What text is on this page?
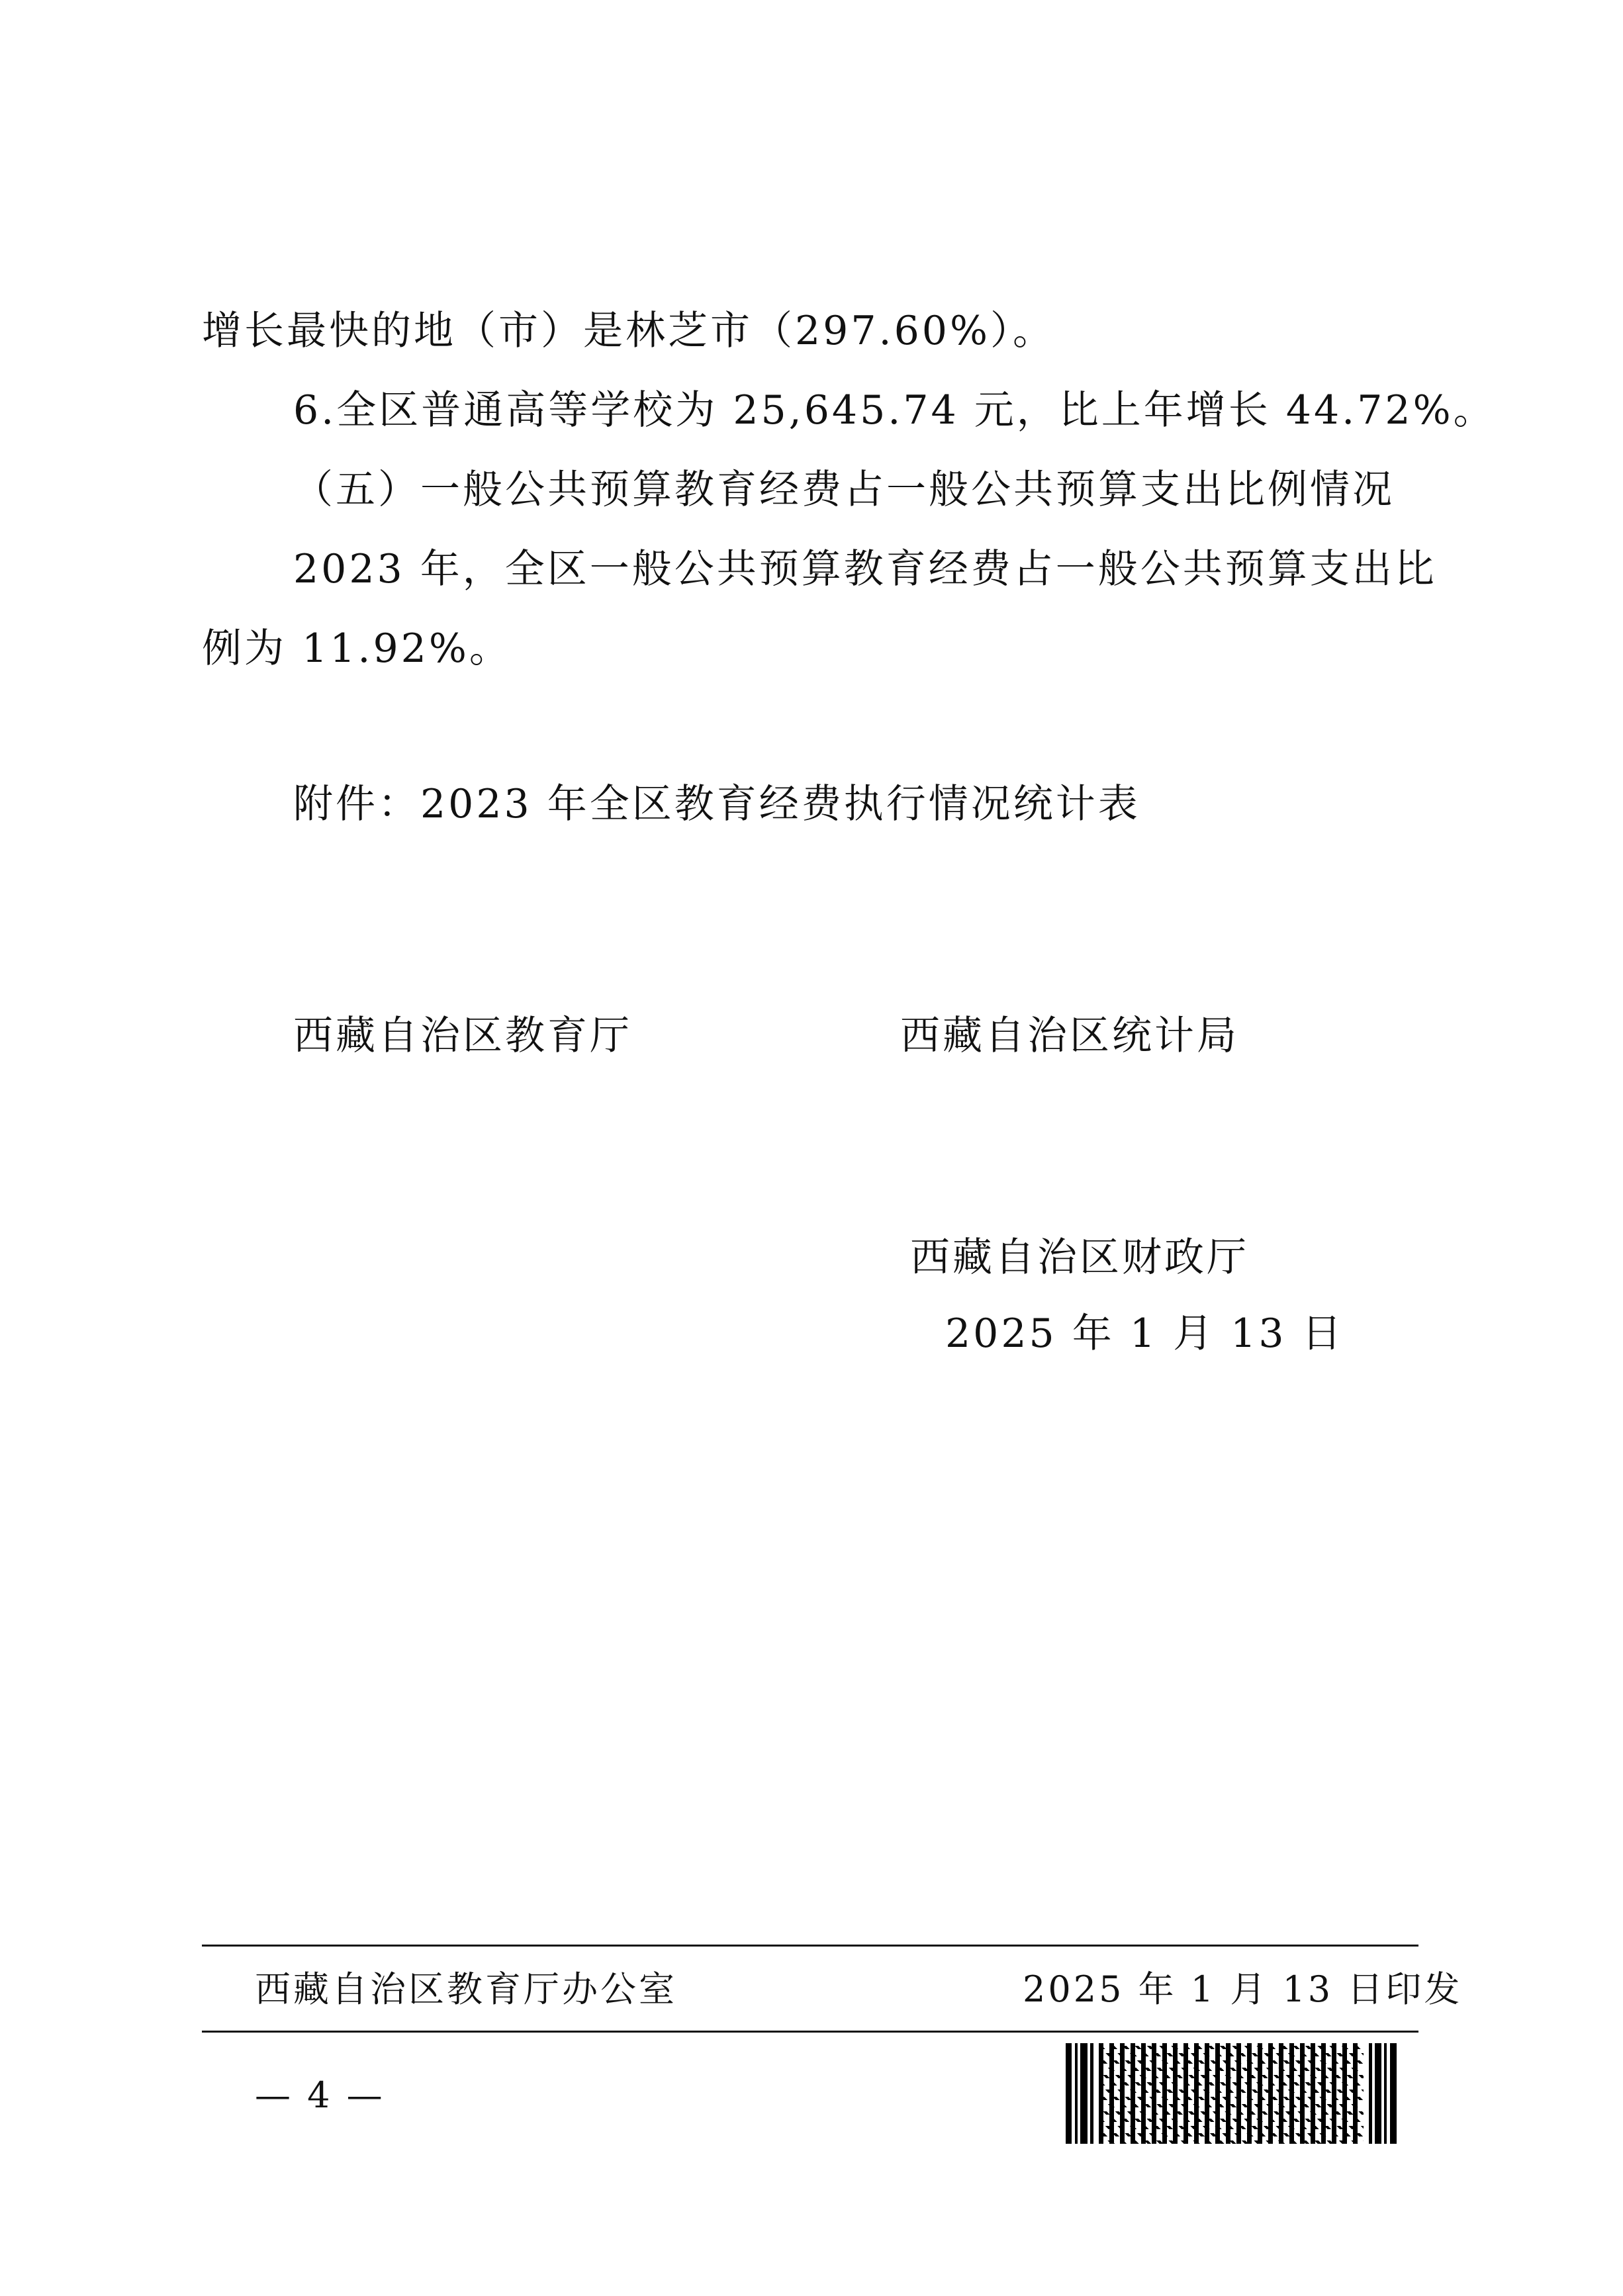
增长最快的地（市）是林芝市（297.60%）。

6.全区普通高等学校为 25,645.74 元，比上年增长 44.72%。

（五）一般公共预算教育经费占一般公共预算支出比例情况

2023 年，全区一般公共预算教育经费占一般公共预算支出比

例为 11.92%。

附件：2023 年全区教育经费执行情况统计表

西藏自治区教育厅	西藏自治区统计局

西藏自治区财政厅

2025 年 1 月 13 日

西藏自治区教育厅办公室	2025 年 1 月 13 日印发

— 4 —
